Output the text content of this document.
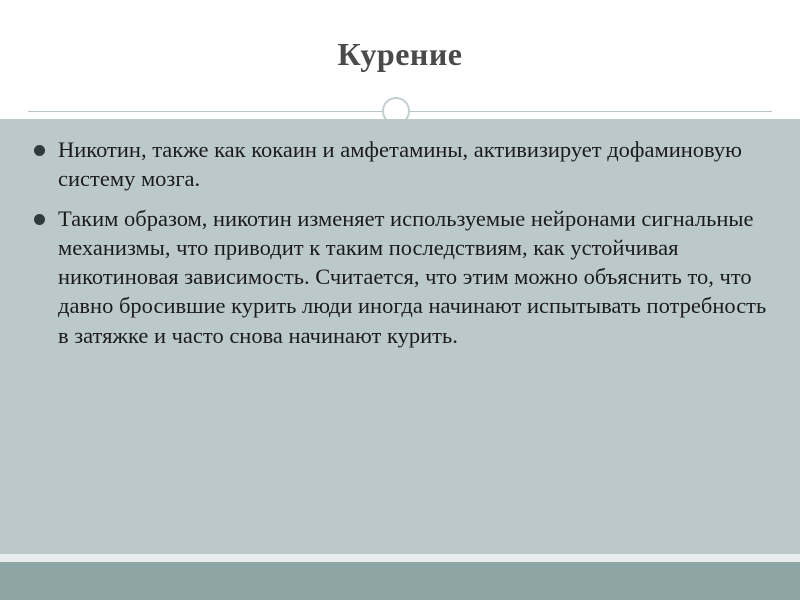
Курение
Никотин, также как кокаин и амфетамины, активизирует дофаминовую систему мозга.
Таким образом, никотин изменяет используемые нейронами сигнальные механизмы, что приводит к таким последствиям, как устойчивая никотиновая зависимость. Считается, что этим можно объяснить то, что давно бросившие курить люди иногда начинают испытывать потребность в затяжке и часто снова начинают курить.
